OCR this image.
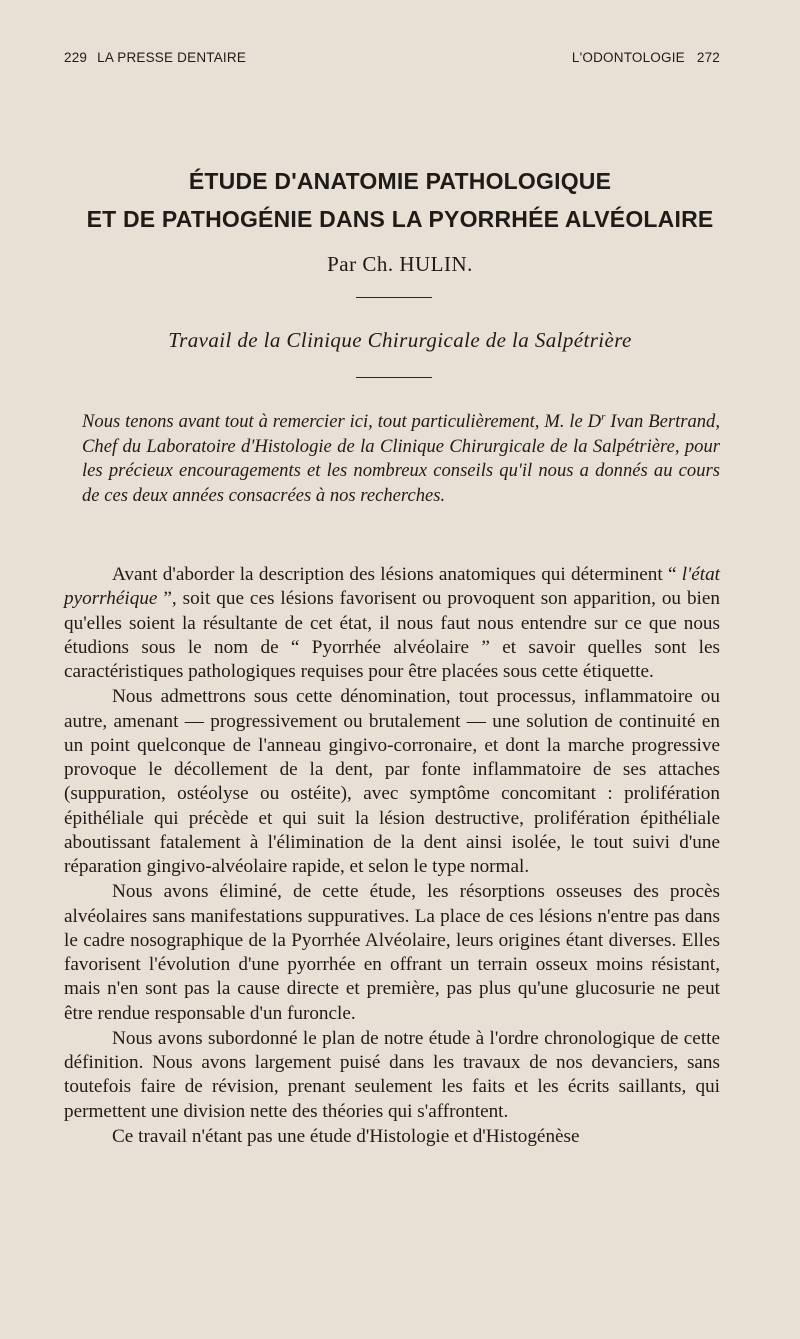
229 LA PRESSE DENTAIRE	L'ODONTOLOGIE 272
ÉTUDE D'ANATOMIE PATHOLOGIQUE
ET DE PATHOGÉNIE DANS LA PYORRHÉE ALVÉOLAIRE
Par Ch. HULIN.
Travail de la Clinique Chirurgicale de la Salpétrière

Nous tenons avant tout à remercier ici, tout particulièrement, M. le $D^r$ Ivan Bertrand, Chef du Laboratoire d'Histologie de la Clinique Chirurgicale de la Salpétrière, pour les précieux encouragements et les nombreux conseils qu'il nous a donnés au cours de ces deux années consacrées à nos recherches.

Avant d'aborder la description des lésions anatomiques qui déterminent “ l'état pyorrhéique ”, soit que ces lésions favorisent ou provoquent son apparition, ou bien qu'elles soient la résultante de cet état, il nous faut nous entendre sur ce que nous étudions sous le nom de “ Pyorrhée alvéolaire ” et savoir quelles sont les caractéristiques pathologiques requises pour être placées sous cette étiquette.

Nous admettrons sous cette dénomination, tout processus, inflammatoire ou autre, amenant — progressivement ou brutalement — une solution de continuité en un point quelconque de l'anneau gingivo-corronaire, et dont la marche progressive provoque le décollement de la dent, par fonte inflammatoire de ses attaches (suppuration, ostéolyse ou ostéite), avec symptôme concomitant : prolifération épithéliale qui précède et qui suit la lésion destructive, prolifération épithéliale aboutissant fatalement à l'élimination de la dent ainsi isolée, le tout suivi d'une réparation gingivo-alvéolaire rapide, et selon le type normal.

Nous avons éliminé, de cette étude, les résorptions osseuses des procès alvéolaires sans manifestations suppuratives. La place de ces lésions n'entre pas dans le cadre nosographique de la Pyorrhée Alvéolaire, leurs origines étant diverses. Elles favorisent l'évolution d'une pyorrhée en offrant un terrain osseux moins résistant, mais n'en sont pas la cause directe et première, pas plus qu'une glucosurie ne peut être rendue responsable d'un furoncle.

Nous avons subordonné le plan de notre étude à l'ordre chronologique de cette définition. Nous avons largement puisé dans les travaux de nos devanciers, sans toutefois faire de révision, prenant seulement les faits et les écrits saillants, qui permettent une division nette des théories qui s'affrontent.

Ce travail n'étant pas une étude d'Histologie et d'Histogénèse
